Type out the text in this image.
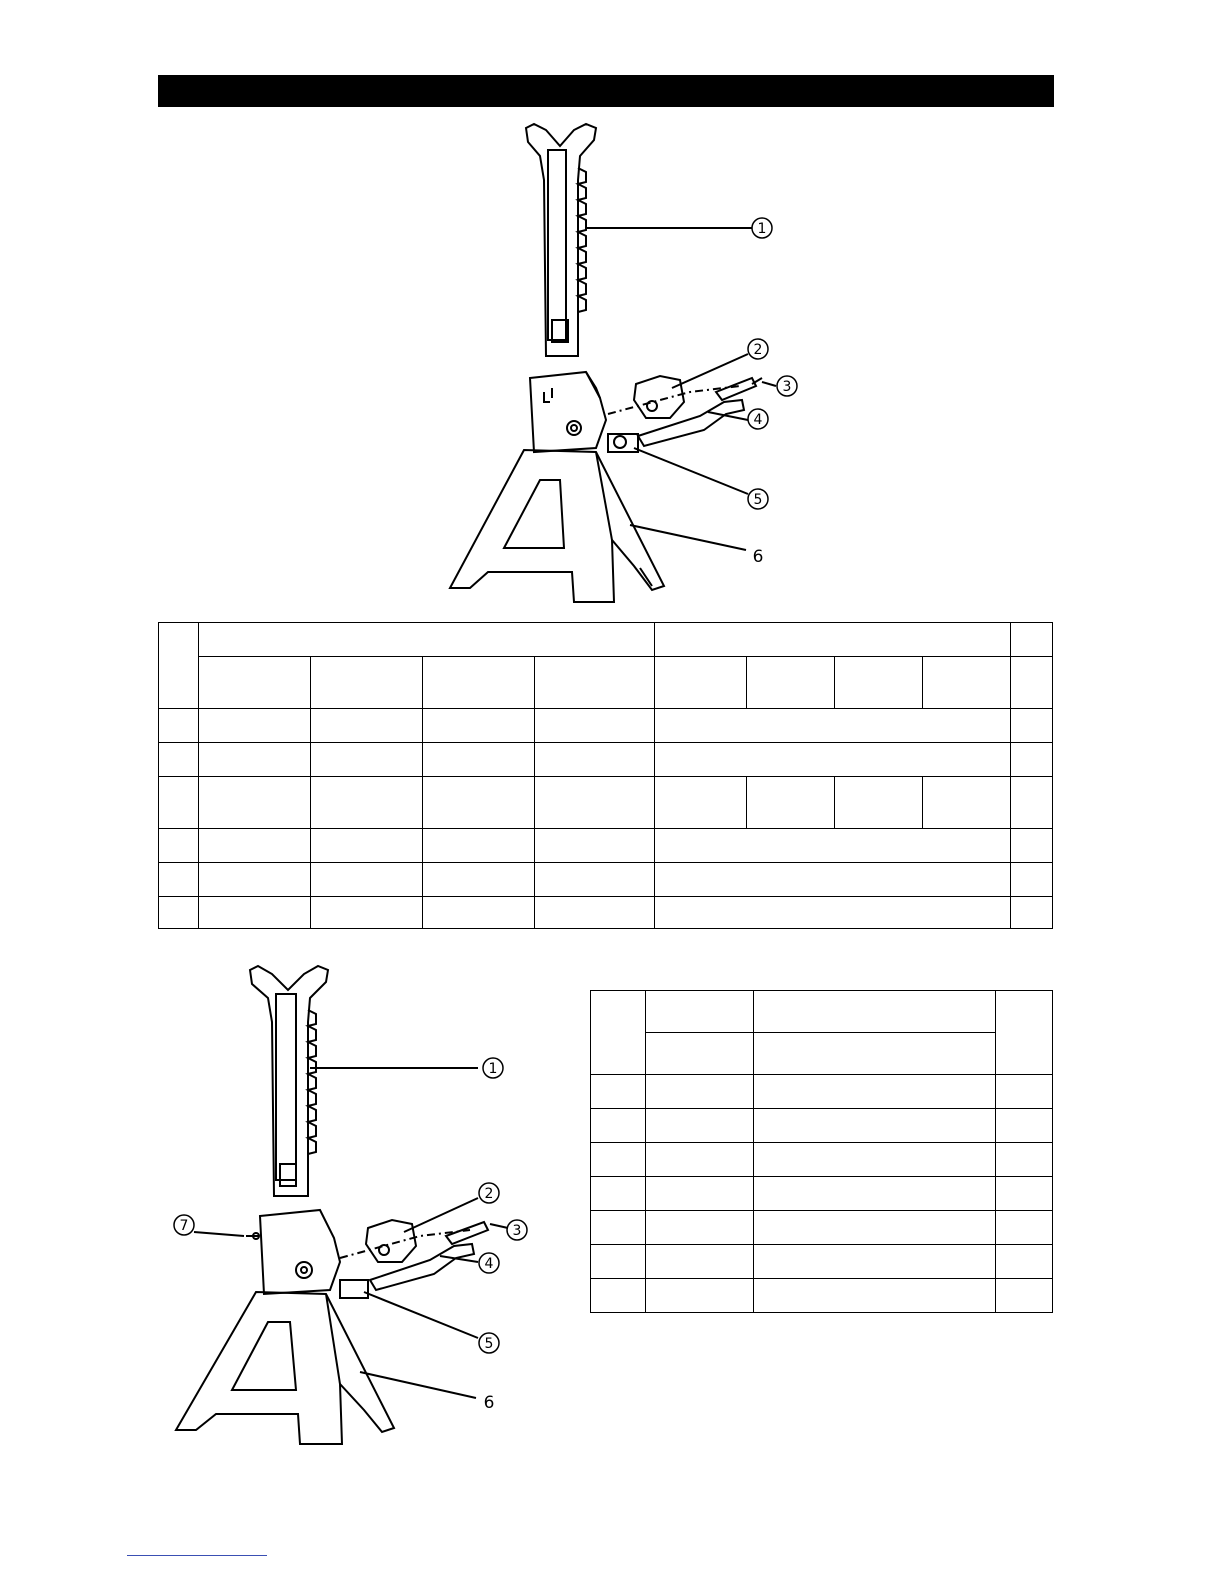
1
2
3
4
5
6

1
2
3
4
5
6
7
